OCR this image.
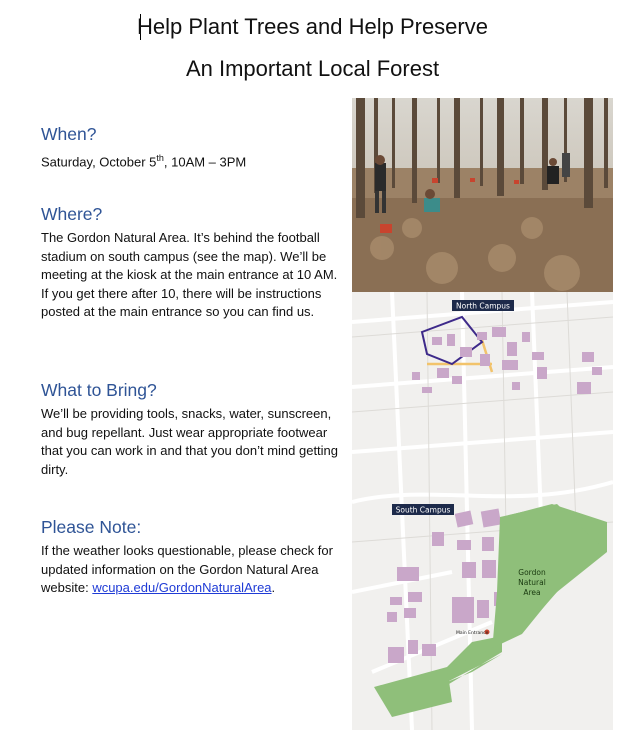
Help Plant Trees and Help Preserve
An Important Local Forest
When?

Saturday, October 5th, 10AM – 3PM

Where?

The Gordon Natural Area. It’s behind the football stadium on south campus (see the map). We’ll be meeting at the kiosk at the main entrance at 10 AM. If you get there after 10, there will be instructions posted at the main entrance so you can find us.

What to Bring?

We’ll be providing tools, snacks, water, sunscreen, and bug repellant. Just wear appropriate footwear that you can work in and that you don’t mind getting dirty.

Please Note:

If the weather looks questionable, please check for updated information on the Gordon Natural Area website: wcupa.edu/GordonNaturalArea.

North Campus
South Campus
Gordon
Natural
Area
Main Entrance
